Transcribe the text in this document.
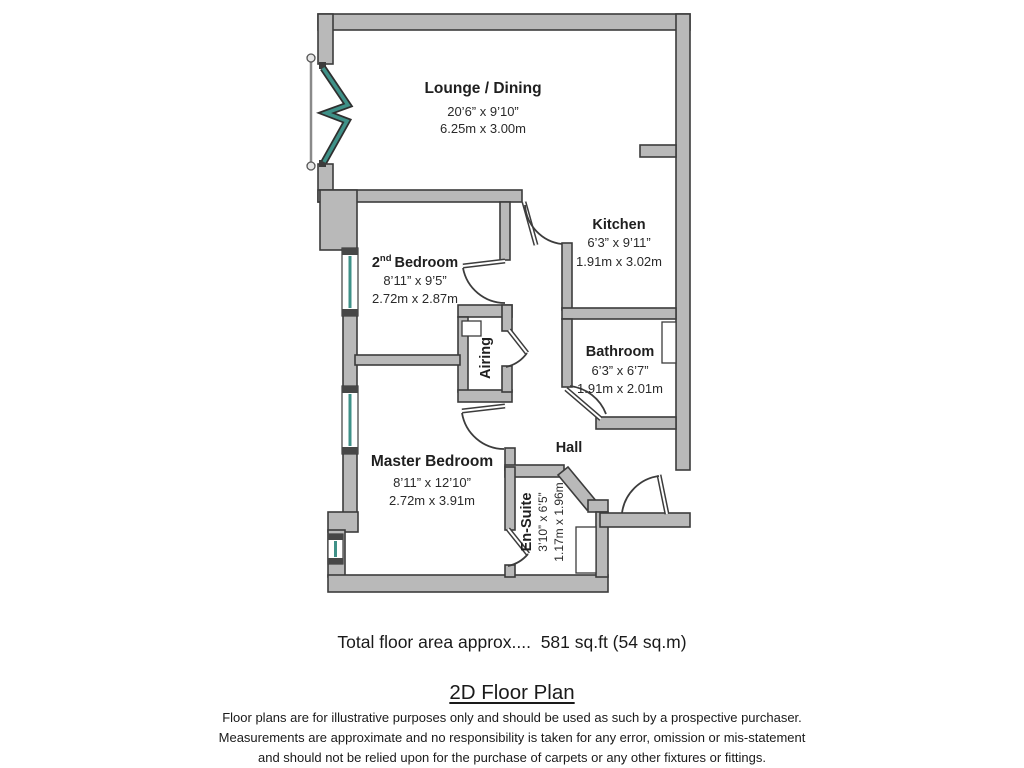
Lounge / Dining
20’6” x 9’10”
6.25m x 3.00m
Kitchen
6’3” x 9’11”
1.91m x 3.02m
2nd Bedroom
8’11” x 9’5”
2.72m x 2.87m
Bathroom
6’3” x 6’7”
1.91m x 2.01m
Airing
Hall
Master Bedroom
8’11” x 12’10”
2.72m x 3.91m	En-Suite 3’10” x 6’5” 1.17m x 1.96m
Total floor area approx....  581 sq.ft (54 sq.m)
2D Floor Plan
Floor plans are for illustrative purposes only and should be used as such by a prospective purchaser.
Measurements are approximate and no responsibility is taken for any error, omission or mis-statement
and should not be relied upon for the purchase of carpets or any other fixtures or fittings.
